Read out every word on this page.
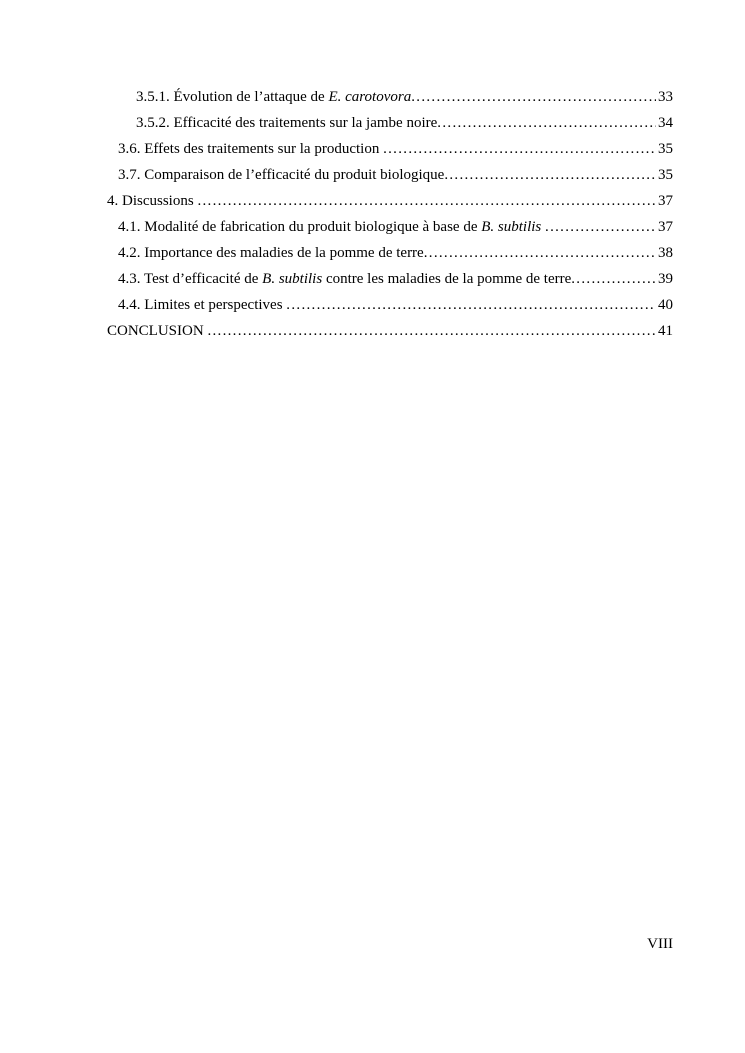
3.5.1. Évolution de l’attaque de E. carotovora .....	33
3.5.2. Efficacité des traitements sur la jambe noire .....	34
3.6. Effets des traitements sur la production .....	35
3.7. Comparaison de l’efficacité du produit biologique .....	35
4. Discussions .....	37
4.1. Modalité de fabrication du produit biologique à base de B. subtilis .....	37
4.2. Importance des maladies de la pomme de terre .....	38
4.3. Test d’efficacité de B. subtilis contre les maladies de la pomme de terre .....	39
4.4. Limites et perspectives .....	40
CONCLUSION .....	41
VIII
